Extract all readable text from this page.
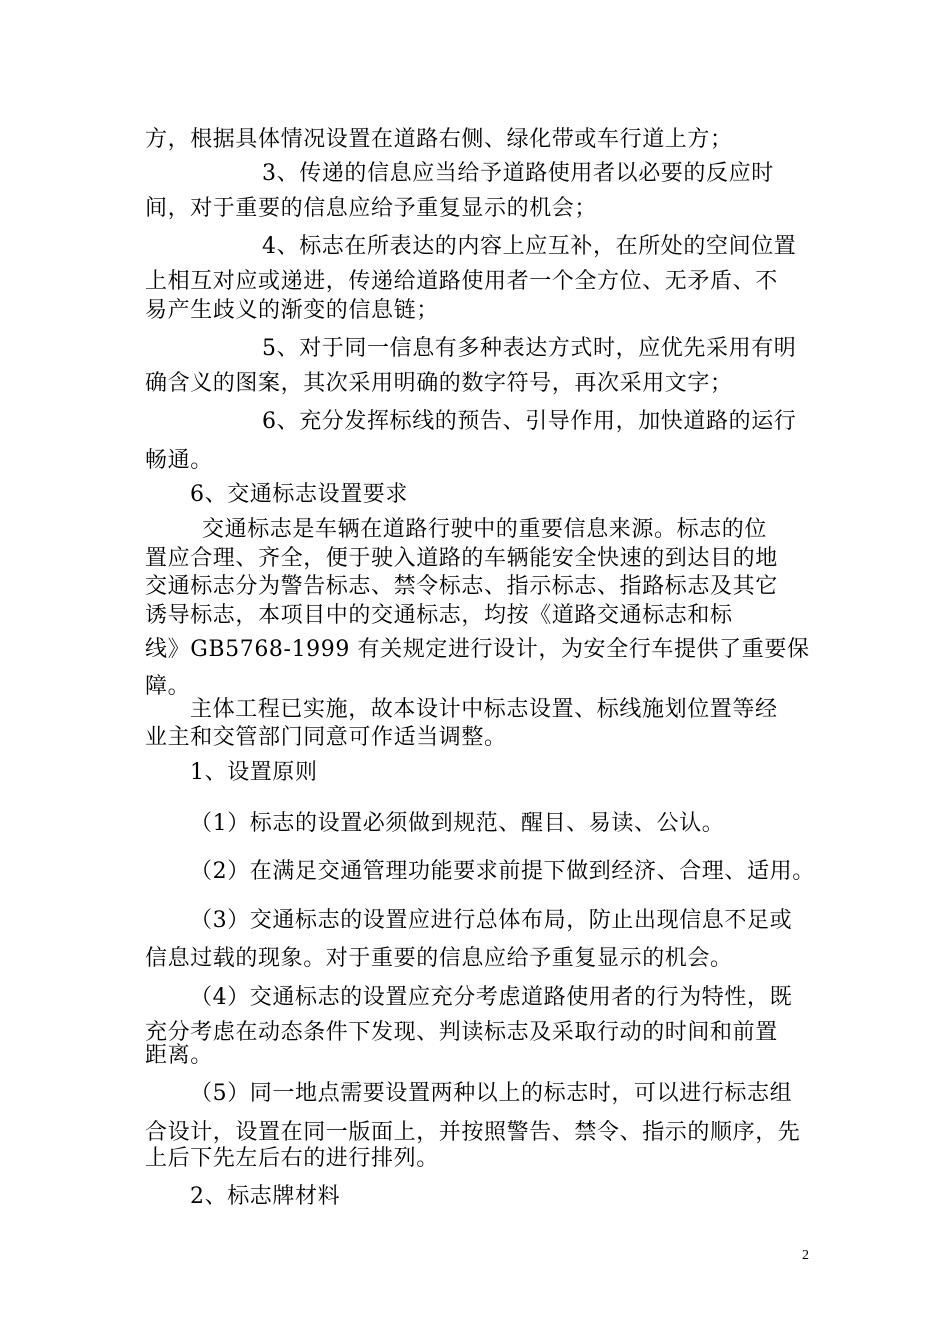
方，根据具体情况设置在道路右侧、绿化带或车行道上方；
3、传递的信息应当给予道路使用者以必要的反应时
间，对于重要的信息应给予重复显示的机会；
4、标志在所表达的内容上应互补，在所处的空间位置
上相互对应或递进，传递给道路使用者一个全方位、无矛盾、不
易产生歧义的渐变的信息链；
5、对于同一信息有多种表达方式时，应优先采用有明
确含义的图案，其次采用明确的数字符号，再次采用文字；
6、充分发挥标线的预告、引导作用，加快道路的运行
畅通。
6、交通标志设置要求
交通标志是车辆在道路行驶中的重要信息来源。标志的位
置应合理、齐全，便于驶入道路的车辆能安全快速的到达目的地
交通标志分为警告标志、禁令标志、指示标志、指路标志及其它
诱导标志，本项目中的交通标志，均按《道路交通标志和标
线》GB5768-1999 有关规定进行设计，为安全行车提供了重要保
障。
主体工程已实施，故本设计中标志设置、标线施划位置等经
业主和交管部门同意可作适当调整。
1、设置原则
（1）标志的设置必须做到规范、醒目、易读、公认。
（2）在满足交通管理功能要求前提下做到经济、合理、适用。
（3）交通标志的设置应进行总体布局，防止出现信息不足或
信息过载的现象。对于重要的信息应给予重复显示的机会。
（4）交通标志的设置应充分考虑道路使用者的行为特性，既
充分考虑在动态条件下发现、判读标志及采取行动的时间和前置
距离。
（5）同一地点需要设置两种以上的标志时，可以进行标志组
合设计，设置在同一版面上，并按照警告、禁令、指示的顺序，先
上后下先左后右的进行排列。
2、标志牌材料
2
